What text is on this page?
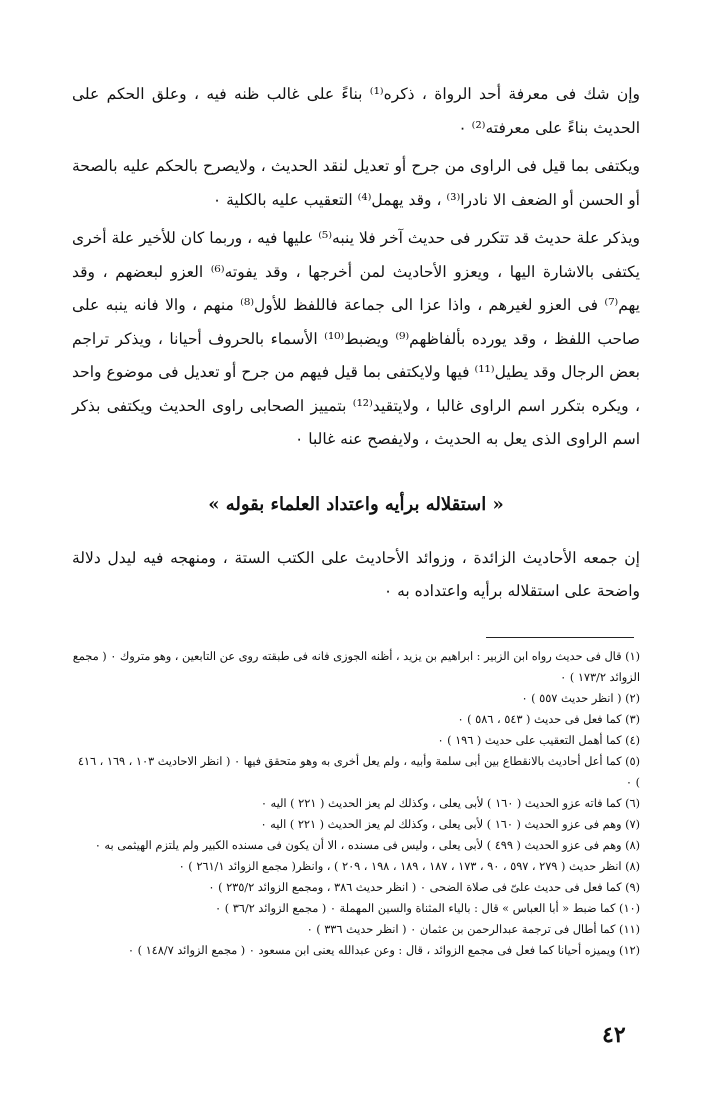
وإن شك فى معرفة أحد الرواة ، ذكره⁽¹⁾ بناءً على غالب ظنه فيه ، وعلق الحكم على الحديث بناءً على معرفته⁽²⁾ ٠

ويكتفى بما قيل فى الراوى من جرح أو تعديل لنقد الحديث ، ولايصرح بالحكم عليه بالصحة أو الحسن أو الضعف الا نادرا⁽³⁾ ، وقد يهمل⁽⁴⁾ التعقيب عليه بالكلية ٠

ويذكر علة حديث قد تتكرر فى حديث آخر فلا ينبه⁽⁵⁾ عليها فيه ، وربما كان للأخير علة أخرى يكتفى بالاشارة اليها ، ويعزو الأحاديث لمن أخرجها ، وقد يفوته⁽⁶⁾ العزو لبعضهم ، وقد يهم⁽⁷⁾ فى العزو لغيرهم ، واذا عزا الى جماعة فاللفظ للأول⁽⁸⁾ منهم ، والا فانه ينبه على صاحب اللفظ ، وقد يورده بألفاظهم⁽⁹⁾ ويضبط⁽¹⁰⁾ الأسماء بالحروف أحيانا ، ويذكر تراجم بعض الرجال وقد يطيل⁽¹¹⁾ فيها ولايكتفى بما قيل فيهم من جرح أو تعديل فى موضوع واحد ، ويكره بتكرر اسم الراوى غالبا ، ولايتقيد⁽¹²⁾ بتمييز الصحابى راوى الحديث ويكتفى بذكر اسم الراوى الذى يعل به الحديث ، ولايفصح عنه غالبا ٠

« استقلاله برأيه واعتداد العلماء بقوله »

إن جمعه الأحاديث الزائدة ، وزوائد الأحاديث على الكتب الستة ، ومنهجه فيه ليدل دلالة واضحة على استقلاله برأيه واعتداده به ٠

(١) قال فى حديث رواه ابن الزبير : ابراهيم بن يزيد ، أظنه الجوزى فانه فى طبقته روى عن التابعين ، وهو متروك ٠ ( مجمع الزوائد ١٧٣/٢ ) ٠

(٢) ( انظر حديث ٥٥٧ ) ٠

(٣) كما فعل فى حديث ( ٥٤٣ ، ٥٨٦ ) ٠

(٤) كما أهمل التعقيب على حديث ( ١٩٦ ) ٠

(٥) كما أعل أحاديث بالانقطاع بين أبى سلمة وأبيه ، ولم يعل أخرى به وهو متحقق فيها ٠ ( انظر الاحاديث ١٠٣ ، ١٦٩ ، ٤١٦ ) ٠

(٦) كما فاته عزو الحديث ( ١٦٠ ) لأبى يعلى ، وكذلك لم يعز الحديث ( ٢٢١ ) اليه ٠

(٧) وهم فى عزو الحديث ( ١٦٠ ) لأبى يعلى ، وكذلك لم يعز الحديث ( ٢٢١ ) اليه ٠

(٨) وهم فى عزو الحديث ( ٤٩٩ ) لأبى يعلى ، وليس فى مسنده ، الا أن يكون فى مسنده الكبير ولم يلتزم الهيثمى به ٠

(٨) انظر حديث ( ٢٧٩ ، ٥٩٧ ، ٩٠ ، ١٧٣ ، ١٨٧ ، ١٨٩ ، ١٩٨ ، ٢٠٩ ) ، وانظر( مجمع الزوائد ٢٦١/١ ) ٠

(٩) كما فعل فى حديث علىّ فى صلاة الضحى ٠ ( انظر حديث ٣٨٦ ، ومجمع الزوائد ٢٣٥/٢ ) ٠

(١٠) كما ضبط « أبا العباس » قال : بالياء المثناة والسين المهملة ٠ ( مجمع الزوائد ٣٦/٢ ) ٠

(١١) كما أطال فى ترجمة عبدالرحمن بن عثمان ٠ ( انظر حديث ٣٣٦ ) ٠

(١٢) ويميزه أحيانا كما فعل فى مجمع الزوائد ، قال : وعن عبدالله يعنى ابن مسعود ٠ ( مجمع الزوائد ١٤٨/٧ ) ٠

٤٢
